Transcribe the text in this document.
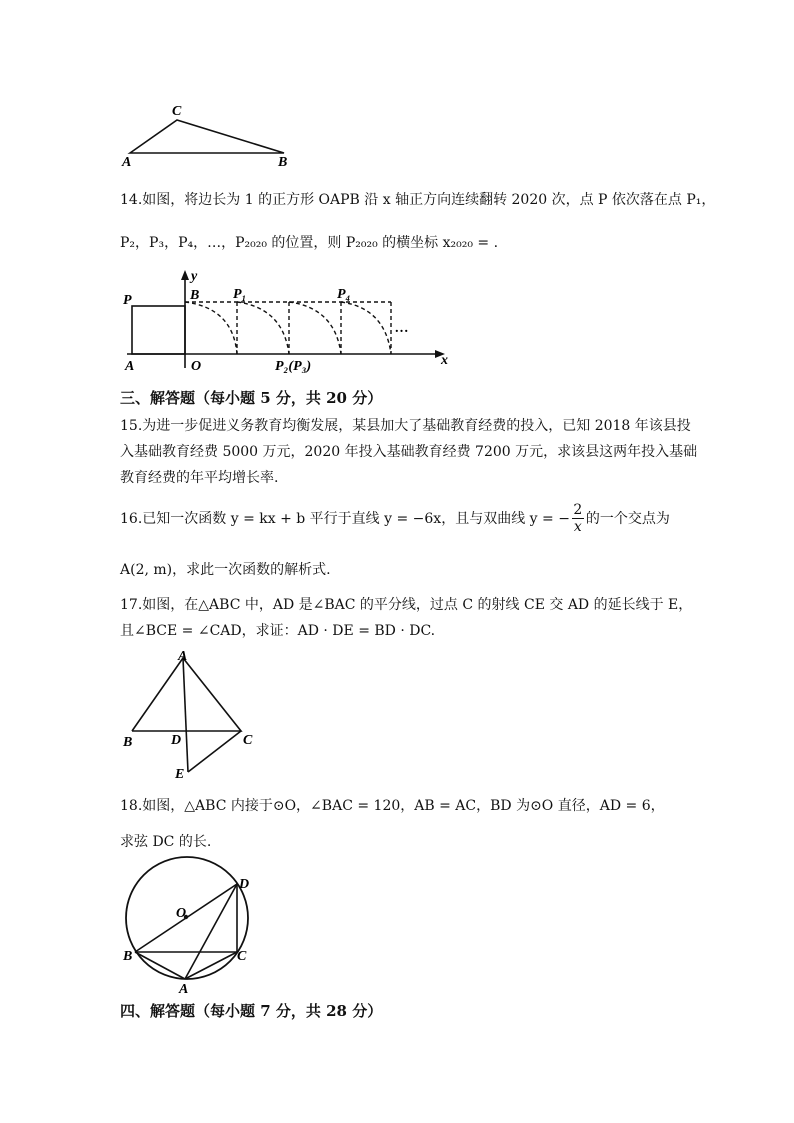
C
A	B
14.如图，将边长为 1 的正方形 OAPB 沿 x 轴正方向连续翻转 2020 次，点 P 依次落在点 P₁，
P₂，P₃，P₄，…，P₂₀₂₀ 的位置，则 P₂₀₂₀ 的横坐标 x₂₀₂₀ = .
y
x
P
A	O
B P₁	P₄
P₂(P₃)
…
三、解答题（每小题 5 分，共 20 分）
15.为进一步促进义务教育均衡发展，某县加大了基础教育经费的投入，已知 2018 年该县投
入基础教育经费 5000 万元，2020 年投入基础教育经费 7200 万元，求该县这两年投入基础
教育经费的年平均增长率.
16.已知一次函数 y = kx + b 平行于直线 y = −6x，且与双曲线 y = − $\frac{2}{x}$ 的一个交点为
A(2, m)，求此一次函数的解析式.
17.如图，在△ABC 中，AD 是∠BAC 的平分线，过点 C 的射线 CE 交 AD 的延长线于 E，
且∠BCE = ∠CAD，求证：AD · DE = BD · DC.
A
B	D	C
E
18.如图，△ABC 内接于⊙O，∠BAC = 120，AB = AC，BD 为⊙O 直径，AD = 6，
求弦 DC 的长.
D
O
B	C
A
四、解答题（每小题 7 分，共 28 分）
